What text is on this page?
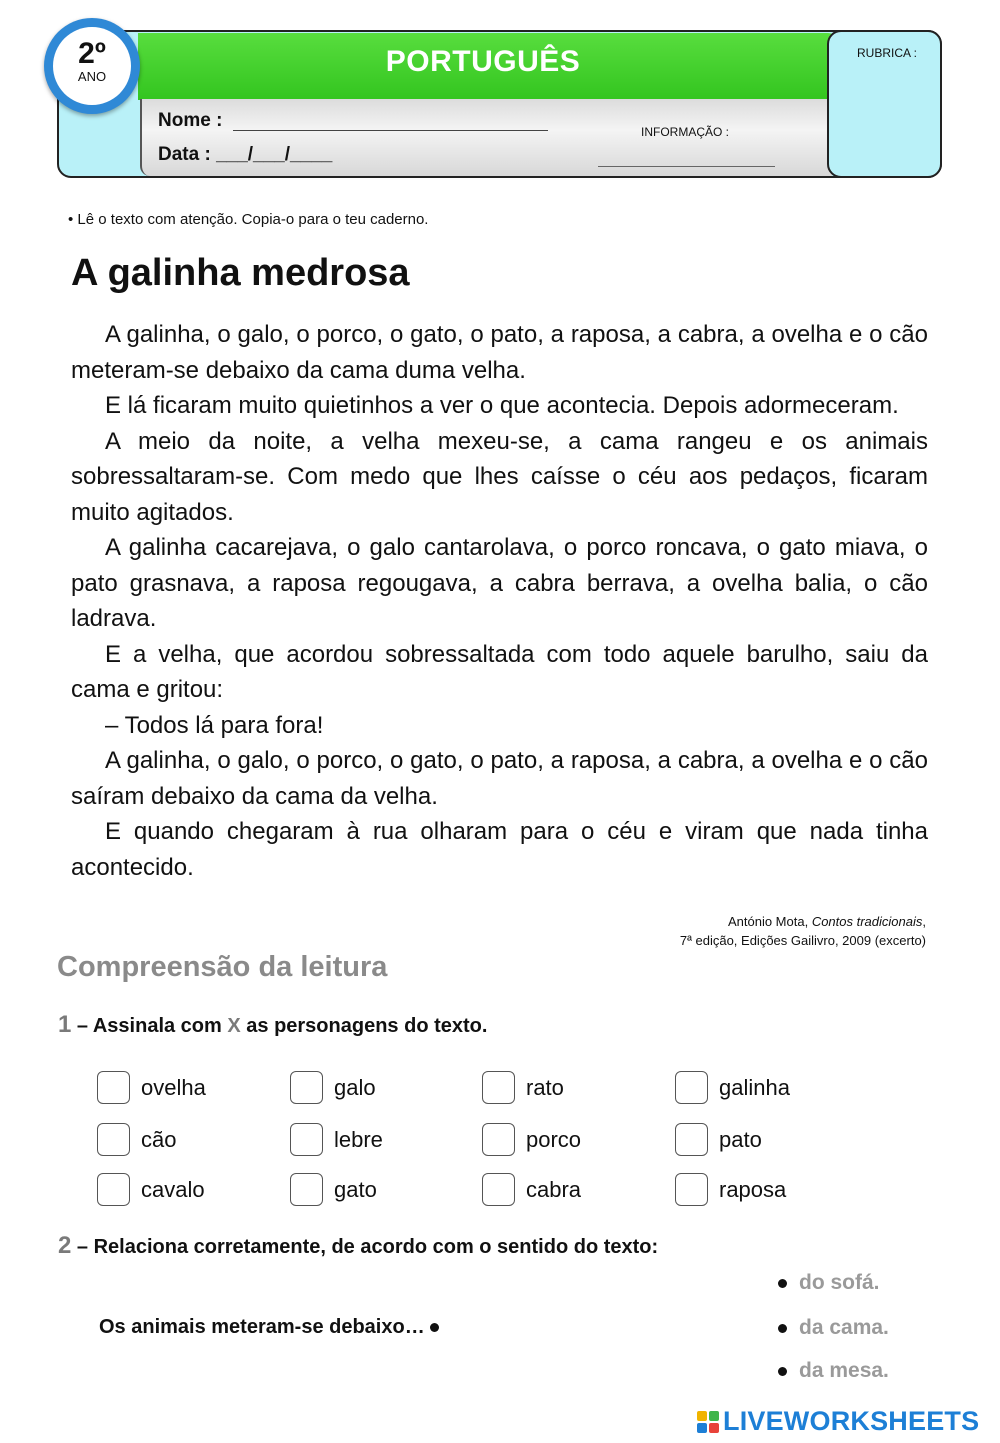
PORTUGUÊS	RUBRICA :
2º
ANO
Nome :
Data : ___/___/____
INFORMAÇÃO :
• Lê o texto com atenção. Copia-o para o teu caderno.
A galinha medrosa

A galinha, o galo, o porco, o gato, o pato, a raposa, a cabra, a ovelha e o cão meteram-se debaixo da cama duma velha.

E lá ficaram muito quietinhos a ver o que acontecia. Depois adormeceram.

A meio da noite, a velha mexeu-se, a cama rangeu e os animais sobressaltaram-se. Com medo que lhes caísse o céu aos pedaços, ficaram muito agitados.

A galinha cacarejava, o galo cantarolava, o porco roncava, o gato miava, o pato grasnava, a raposa regougava, a cabra berrava, a ovelha balia, o cão ladrava.

E a velha, que acordou sobressaltada com todo aquele barulho, saiu da cama e gritou:

– Todos lá para fora!

A galinha, o galo, o porco, o gato, o pato, a raposa, a cabra, a ovelha e o cão saíram debaixo da cama da velha.

E quando chegaram à rua olharam para o céu e viram que nada tinha acontecido.

António Mota, Contos tradicionais,
7ª edição, Edições Gailivro, 2009 (excerto)
Compreensão da leitura
1 – Assinala com X as personagens do texto.
ovelha	galo	rato	galinha
cão	lebre	porco	pato
cavalo	gato	cabra	raposa
2 – Relaciona corretamente, de acordo com o sentido do texto:
Os animais meteram-se debaixo…
do sofá.
da cama.
da mesa.
LIVEWORKSHEETS
